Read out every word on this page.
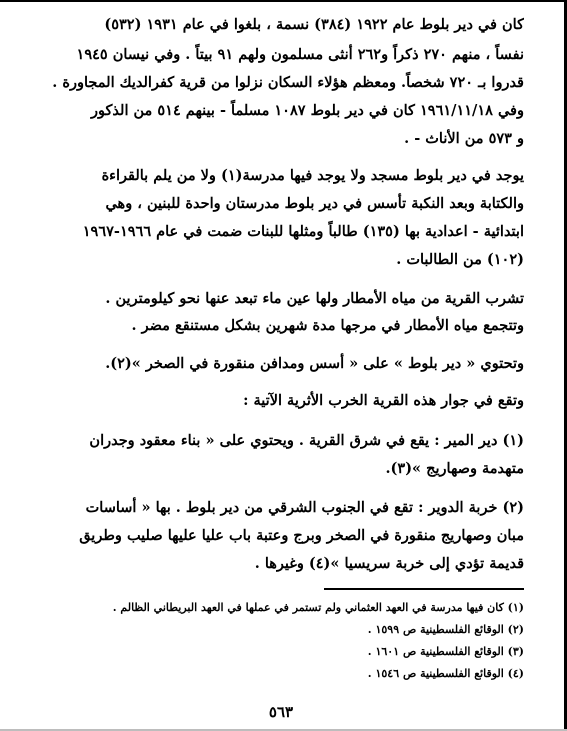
كان في دير بلوط عام ١٩٢٢ (٣٨٤) نسمة ، بلغوا في عام ١٩٣١ (٥٣٢)
نفساً ، منهم ٢٧٠ ذكراً و٢٦٢ أنثى مسلمون ولهم ٩١ بيتاً . وفي نيسان ١٩٤٥
قدروا بـ ٧٢٠ شخصاً. ومعظم هؤلاء السكان نزلوا من قرية كفرالديك المجاورة .
وفي ١٩٦١/١١/١٨ كان في دير بلوط ١٠٨٧ مسلماً - بينهم ٥١٤ من الذكور
و ٥٧٣ من الأناث - .
يوجد في دير بلوط مسجد ولا يوجد فيها مدرسة(١) ولا من يلم بالقراءة
والكتابة وبعد النكبة تأسس في دير بلوط مدرستان واحدة للبنين ، وهي
ابتدائية - اعدادية بها (١٣٥) طالباً ومثلها للبنات ضمت في عام ١٩٦٦-١٩٦٧
(١٠٢) من الطالبات .
تشرب القرية من مياه الأمطار ولها عين ماء تبعد عنها نحو كيلومترين .
وتتجمع مياه الأمطار في مرجها مدة شهرين بشكل مستنقع مضر .
وتحتوي « دير بلوط » على « أسس ومدافن منقورة في الصخر »(٢).
وتقع في جوار هذه القرية الخرب الأثرية الآتية :
(١) دير المير : يقع في شرق القرية . ويحتوي على « بناء معقود وجدران
متهدمة وصهاريج »(٣).
(٢) خربة الدوير : تقع في الجنوب الشرقي من دير بلوط . بها « أساسات
مبان وصهاريج منقورة في الصخر وبرج وعتبة باب عليا عليها صليب وطريق
قديمة تؤدي إلى خربة سريسيا »(٤) وغيرها .
(١) كان فيها مدرسة في العهد العثماني ولم تستمر في عملها في العهد البريطاني الظالم .
(٢) الوقائع الفلسطينية ص ١٥٩٩ .
(٣) الوقائع الفلسطينية ص ١٦٠١ .
(٤) الوقائع الفلسطينية ص ١٥٤٦ .
٥٦٣
